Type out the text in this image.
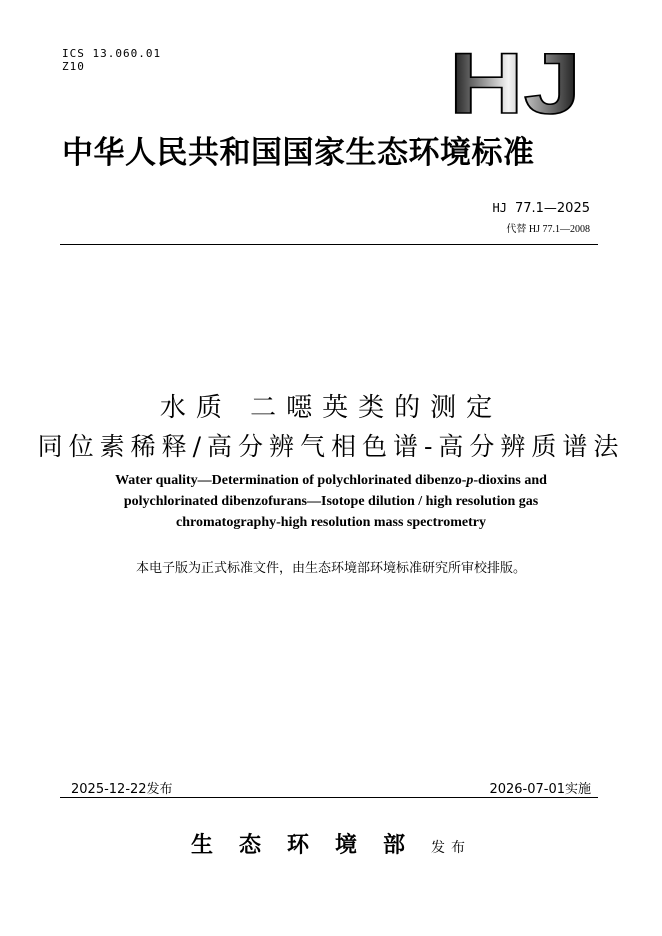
ICS 13.060.01
Z10	HJ
中华人民共和国国家生态环境标准
HJ 77.1—2025
代替 HJ 77.1—2008
水质 二噁英类的测定
同位素稀释/高分辨气相色谱-高分辨质谱法
Water quality—Determination of polychlorinated dibenzo-p-dioxins and
polychlorinated dibenzofurans—Isotope dilution / high resolution gas
chromatography-high resolution mass spectrometry
本电子版为正式标准文件，由生态环境部环境标准研究所审校排版。
2025-12-22发布	2026-07-01实施
生态环境部发布
